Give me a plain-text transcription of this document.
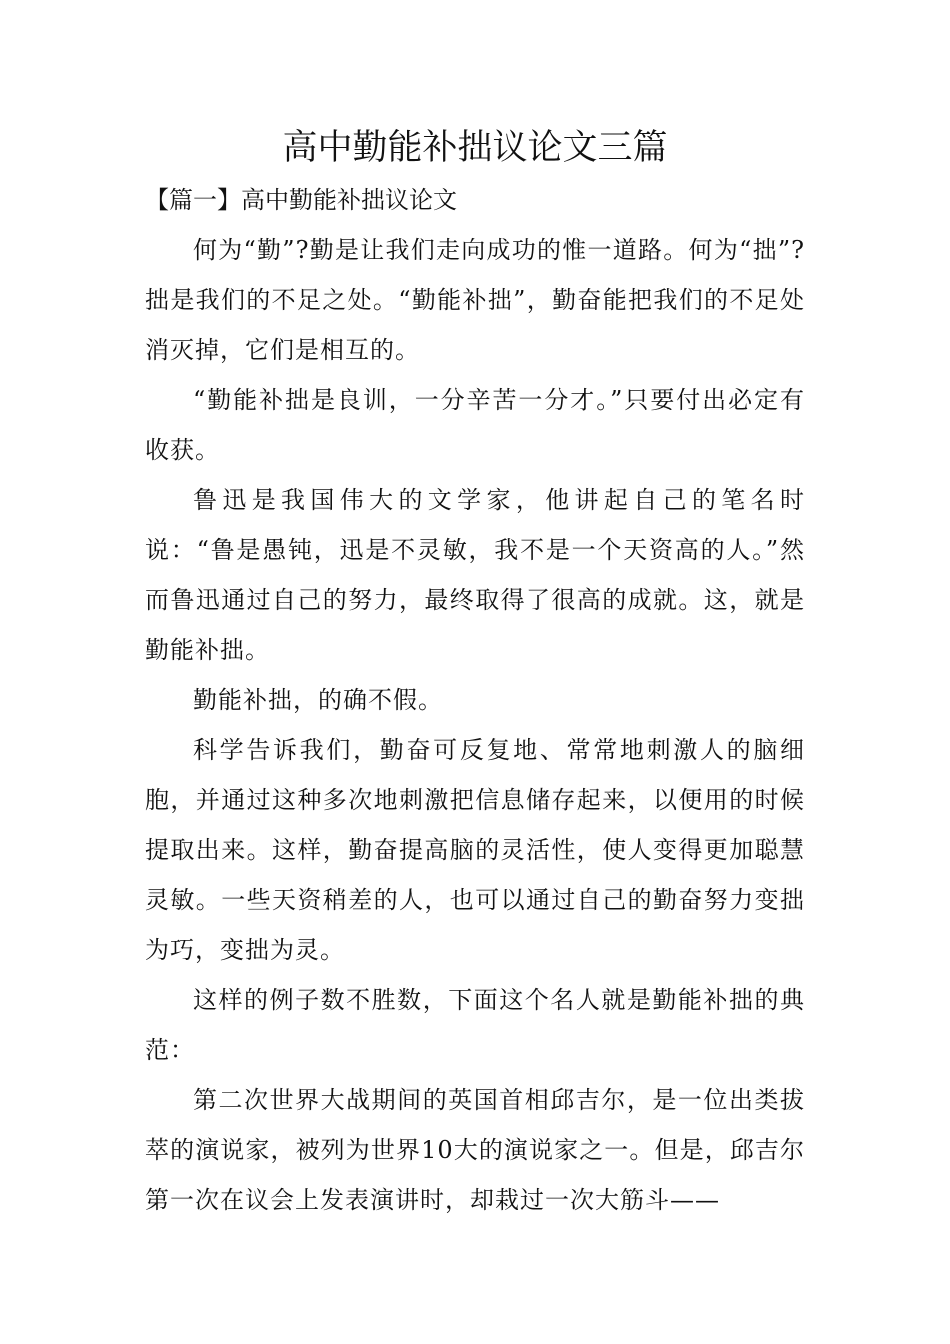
高中勤能补拙议论文三篇

【篇一】高中勤能补拙议论文

何为“勤”?勤是让我们走向成功的惟一道路。何为“拙”?拙是我们的不足之处。“勤能补拙”，勤奋能把我们的不足处消灭掉，它们是相互的。

“勤能补拙是良训，一分辛苦一分才。”只要付出必定有收获。

鲁迅是我国伟大的文学家，他讲起自己的笔名时说：“鲁是愚钝，迅是不灵敏，我不是一个天资高的人。”然而鲁迅通过自己的努力，最终取得了很高的成就。这，就是勤能补拙。

勤能补拙，的确不假。

科学告诉我们，勤奋可反复地、常常地刺激人的脑细胞，并通过这种多次地刺激把信息储存起来，以便用的时候提取出来。这样，勤奋提高脑的灵活性，使人变得更加聪慧灵敏。一些天资稍差的人，也可以通过自己的勤奋努力变拙为巧，变拙为灵。

这样的例子数不胜数，下面这个名人就是勤能补拙的典范：

第二次世界大战期间的英国首相邱吉尔，是一位出类拔萃的演说家，被列为世界10大的演说家之一。但是，邱吉尔第一次在议会上发表演讲时，却栽过一次大筋斗——
